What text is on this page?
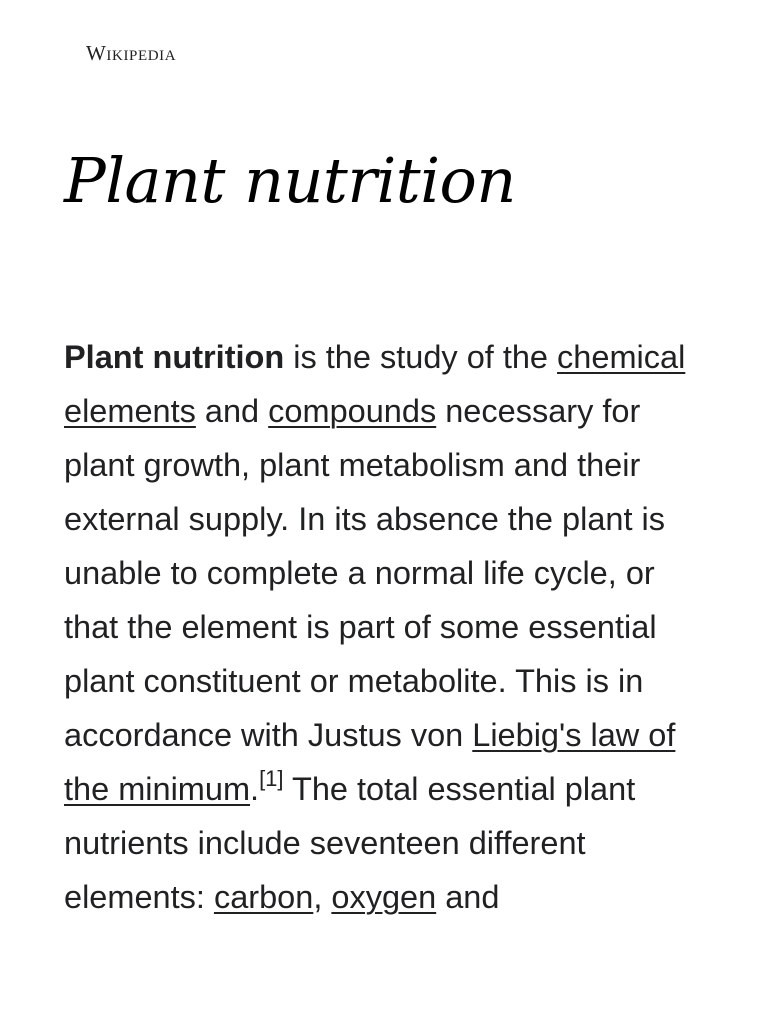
Wikipedia
Plant nutrition

Plant nutrition is the study of the chemical elements and compounds necessary for plant growth, plant metabolism and their external supply. In its absence the plant is unable to complete a normal life cycle, or that the element is part of some essential plant constituent or metabolite. This is in accordance with Justus von Liebig's law of the minimum.[1] The total essential plant nutrients include seventeen different elements: carbon, oxygen and
